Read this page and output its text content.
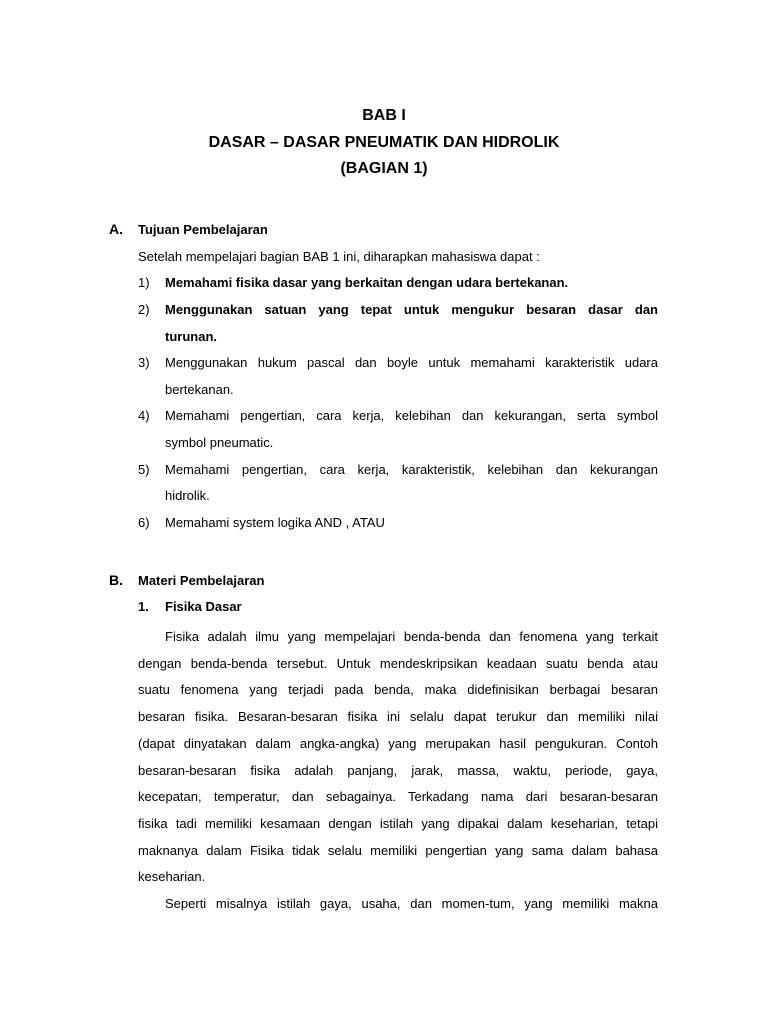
BAB I
DASAR – DASAR PNEUMATIK DAN HIDROLIK
(BAGIAN 1)
A. Tujuan Pembelajaran
Setelah mempelajari bagian BAB 1 ini, diharapkan mahasiswa dapat :
1) Memahami fisika dasar yang berkaitan dengan udara bertekanan.
2) Menggunakan satuan yang tepat untuk mengukur besaran dasar dan
turunan.
3) Menggunakan hukum pascal dan boyle untuk memahami karakteristik udara
bertekanan.
4) Memahami pengertian, cara kerja, kelebihan dan kekurangan, serta symbol
symbol pneumatic.
5) Memahami pengertian, cara kerja, karakteristik, kelebihan dan kekurangan
hidrolik.
6) Memahami system logika AND , ATAU
B. Materi Pembelajaran
1. Fisika Dasar
Fisika adalah ilmu yang mempelajari benda-benda dan fenomena yang terkait
dengan benda-benda tersebut. Untuk mendeskripsikan keadaan suatu benda atau
suatu fenomena yang terjadi pada benda, maka didefinisikan berbagai besaran
besaran fisika. Besaran-besaran fisika ini selalu dapat terukur dan memiliki nilai
(dapat dinyatakan dalam angka-angka) yang merupakan hasil pengukuran. Contoh
besaran-besaran fisika adalah panjang, jarak, massa, waktu, periode, gaya,
kecepatan, temperatur, dan sebagainya. Terkadang nama dari besaran-besaran
fisika tadi memiliki kesamaan dengan istilah yang dipakai dalam keseharian, tetapi
maknanya dalam Fisika tidak selalu memiliki pengertian yang sama dalam bahasa
keseharian.
Seperti misalnya istilah gaya, usaha, dan momen-tum, yang memiliki makna
